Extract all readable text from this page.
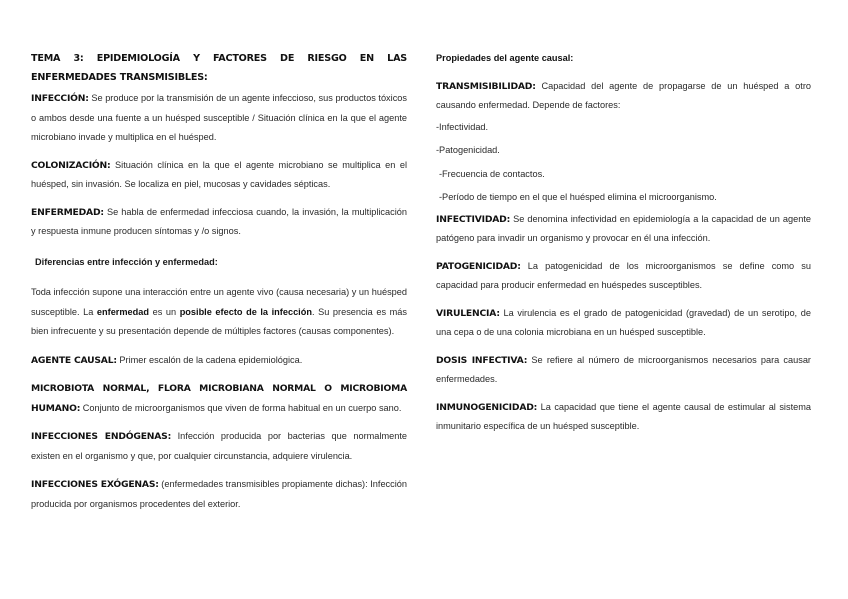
TEMA 3: EPIDEMIOLOGÍA Y FACTORES DE RIESGO EN LAS ENFERMEDADES TRANSMISIBLES:

INFECCIÓN: Se produce por la transmisión de un agente infeccioso, sus productos tóxicos o ambos desde una fuente a un huésped susceptible / Situación clínica en la que el agente microbiano invade y multiplica en el huésped.

COLONIZACIÓN: Situación clínica en la que el agente microbiano se multiplica en el huésped, sin invasión. Se localiza en piel, mucosas y cavidades sépticas.

ENFERMEDAD: Se habla de enfermedad infecciosa cuando, la invasión, la multiplicación y respuesta inmune producen síntomas y /o signos.

Diferencias entre infección y enfermedad:

Toda infección supone una interacción entre un agente vivo (causa necesaria) y un huésped susceptible. La enfermedad es un posible efecto de la infección. Su presencia es más bien infrecuente y su presentación depende de múltiples factores (causas componentes).

AGENTE CAUSAL: Primer escalón de la cadena epidemiológica.

MICROBIOTA NORMAL, FLORA MICROBIANA NORMAL O MICROBIOMA HUMANO: Conjunto de microorganismos que viven de forma habitual en un cuerpo sano.

INFECCIONES ENDÓGENAS: Infección producida por bacterias que normalmente existen en el organismo y que, por cualquier circunstancia, adquiere virulencia.

INFECCIONES EXÓGENAS: (enfermedades transmisibles propiamente dichas): Infección producida por organismos procedentes del exterior.

Propiedades del agente causal:

TRANSMISIBILIDAD: Capacidad del agente de propagarse de un huésped a otro causando enfermedad. Depende de factores:

-Infectividad.

-Patogenicidad.

-Frecuencia de contactos.

-Período de tiempo en el que el huésped elimina el microorganismo.

INFECTIVIDAD: Se denomina infectividad en epidemiología a la capacidad de un agente patógeno para invadir un organismo y provocar en él una infección.

PATOGENICIDAD: La patogenicidad de los microorganismos se define como su capacidad para producir enfermedad en huéspedes susceptibles.

VIRULENCIA: La virulencia es el grado de patogenicidad (gravedad) de un serotipo, de una cepa o de una colonia microbiana en un huésped susceptible.

DOSIS INFECTIVA: Se refiere al número de microorganismos necesarios para causar enfermedades.

INMUNOGENICIDAD: La capacidad que tiene el agente causal de estimular al sistema inmunitario específica de un huésped susceptible.
